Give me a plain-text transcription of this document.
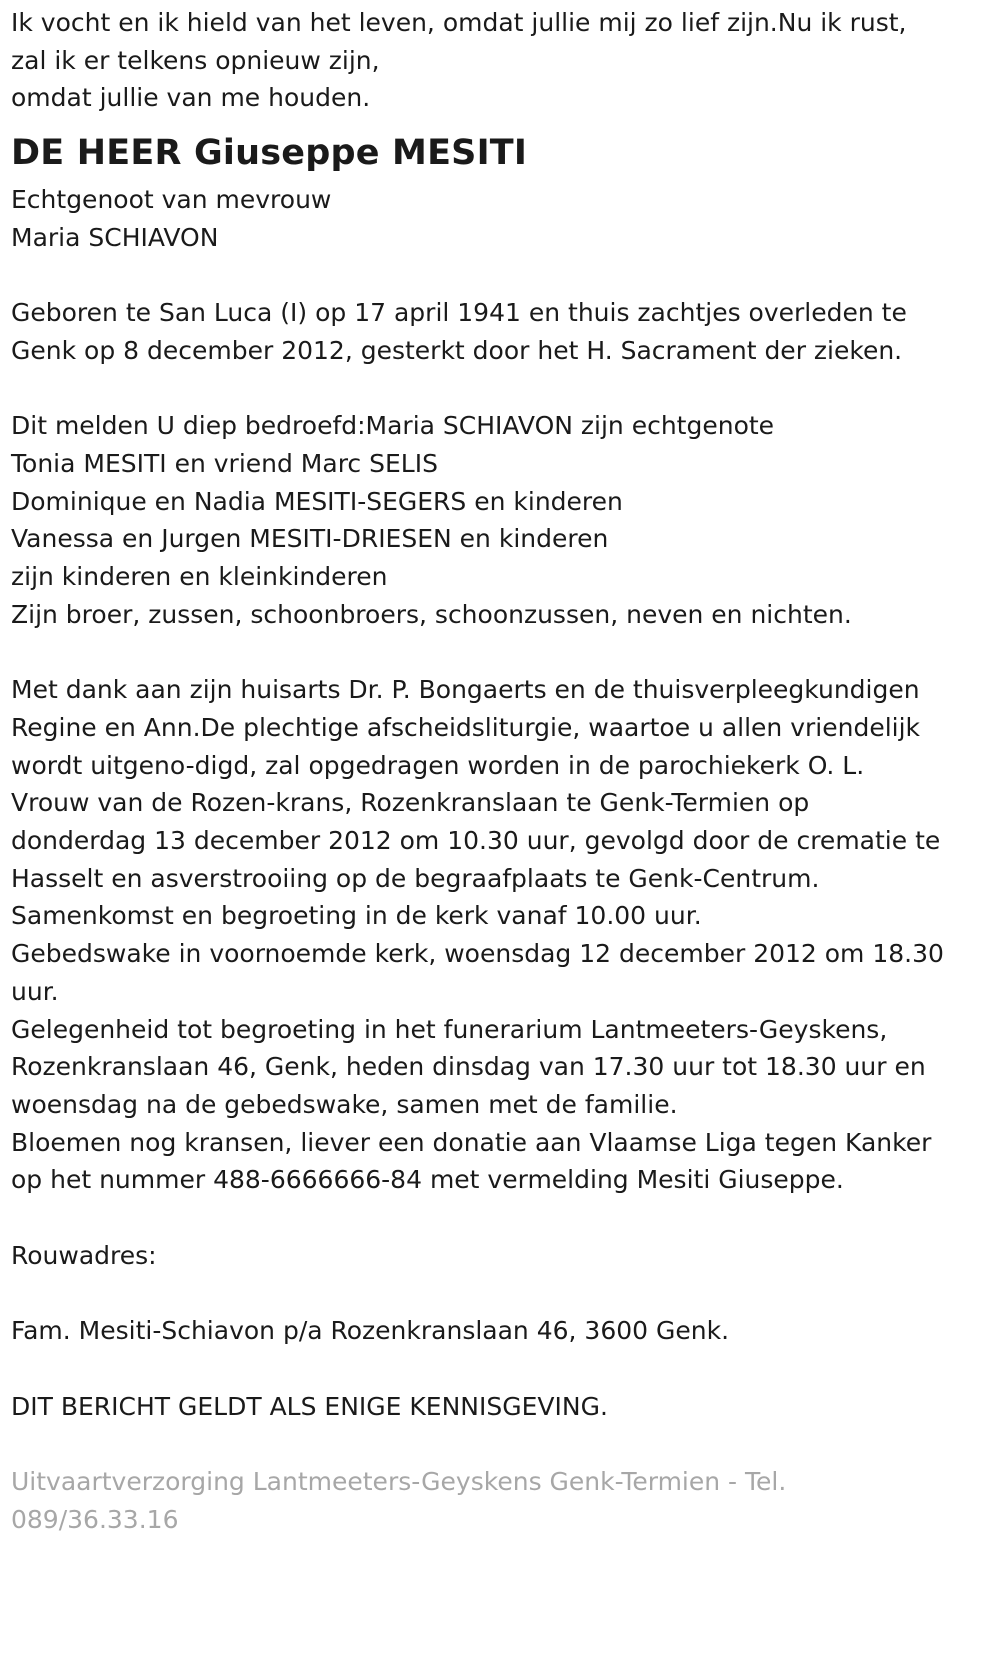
Ik vocht en ik hield van het leven, omdat jullie mij zo lief zijn.Nu ik rust,

zal ik er telkens opnieuw zijn,

omdat jullie van me houden.

DE HEER Giuseppe MESITI

Echtgenoot van mevrouw

Maria SCHIAVON

Geboren te San Luca (I) op 17 april 1941 en thuis zachtjes overleden te

Genk op 8 december 2012, gesterkt door het H. Sacrament der zieken.

Dit melden U diep bedroefd:Maria SCHIAVON zijn echtgenote

Tonia MESITI en vriend Marc SELIS

Dominique en Nadia MESITI-SEGERS en kinderen

Vanessa en Jurgen MESITI-DRIESEN en kinderen

zijn kinderen en kleinkinderen

Zijn broer, zussen, schoonbroers, schoonzussen, neven en nichten.

Met dank aan zijn huisarts Dr. P. Bongaerts en de thuisverpleegkundigen

Regine en Ann.De plechtige afscheidsliturgie, waartoe u allen vriendelijk

wordt uitgeno-digd, zal opgedragen worden in de parochiekerk O. L.

Vrouw van de Rozen-krans, Rozenkranslaan te Genk-Termien op

donderdag 13 december 2012 om 10.30 uur, gevolgd door de crematie te

Hasselt en asverstrooiing op de begraafplaats te Genk-Centrum.

Samenkomst en begroeting in de kerk vanaf 10.00 uur.

Gebedswake in voornoemde kerk, woensdag 12 december 2012 om 18.30

uur.

Gelegenheid tot begroeting in het funerarium Lantmeeters-Geyskens,

Rozenkranslaan 46, Genk, heden dinsdag van 17.30 uur tot 18.30 uur en

woensdag na de gebedswake, samen met de familie.

Bloemen nog kransen, liever een donatie aan Vlaamse Liga tegen Kanker

op het nummer 488-6666666-84 met vermelding Mesiti Giuseppe.

Rouwadres:

Fam. Mesiti-Schiavon p/a Rozenkranslaan 46, 3600 Genk.

DIT BERICHT GELDT ALS ENIGE KENNISGEVING.

Uitvaartverzorging Lantmeeters-Geyskens Genk-Termien - Tel.

089/36.33.16
